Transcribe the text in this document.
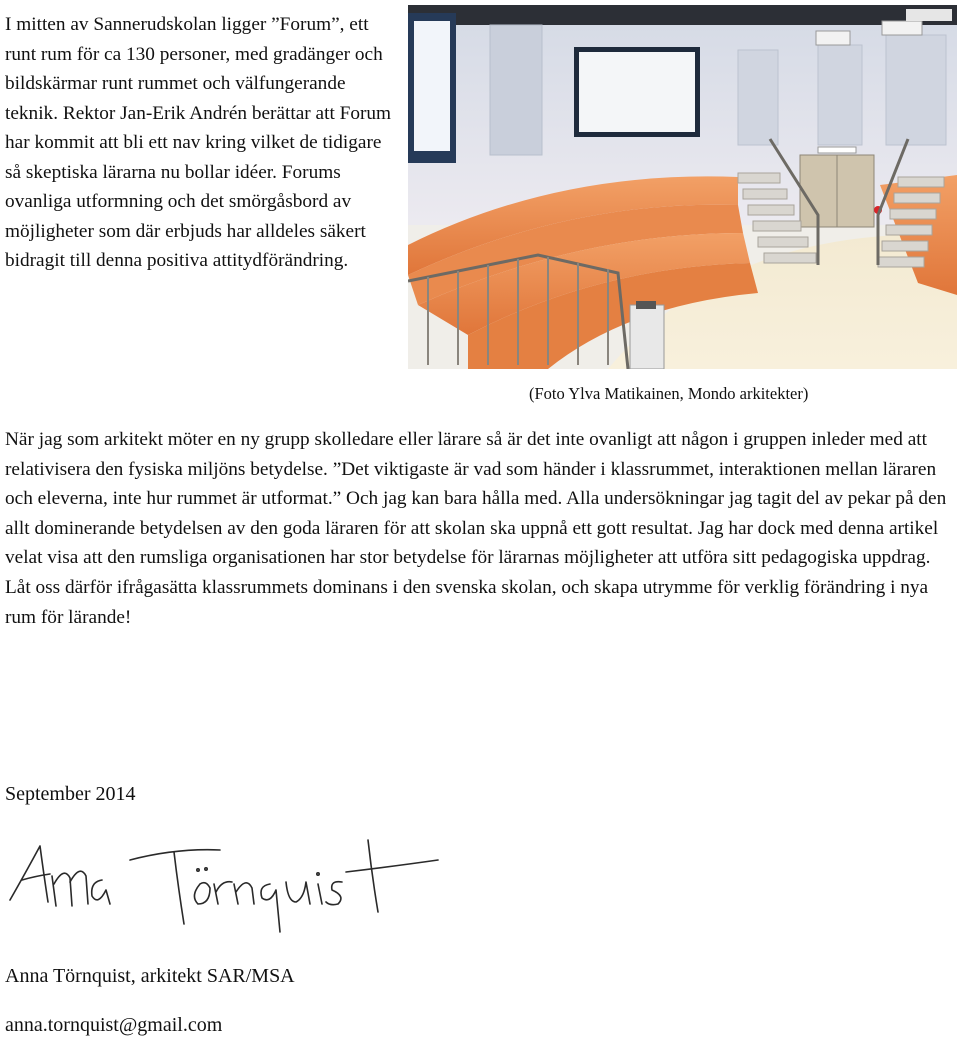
I mitten av Sannerudskolan ligger ”Forum”, ett runt rum för ca 130 personer, med gradänger och bildskärmar runt rummet och välfungerande teknik. Rektor Jan-Erik Andrén berättar att Forum har kommit att bli ett nav kring vilket de tidigare så skeptiska lärarna nu bollar idéer. Forums ovanliga utformning och det smörgåsbord av möjligheter som där erbjuds har alldeles säkert bidragit till denna positiva attitydförändring.

(Foto Ylva Matikainen, Mondo arkitekter)

När jag som arkitekt möter en ny grupp skolledare eller lärare så är det inte ovanligt att någon i gruppen inleder med att relativisera den fysiska miljöns betydelse. ”Det viktigaste är vad som händer i klassrummet, interaktionen mellan läraren och eleverna, inte hur rummet är utformat.” Och jag kan bara hålla med. Alla undersökningar jag tagit del av pekar på den allt dominerande betydelsen av den goda läraren för att skolan ska uppnå ett gott resultat. Jag har dock med denna artikel velat visa att den rumsliga organisationen har stor betydelse för lärarnas möjligheter att utföra sitt pedagogiska uppdrag. Låt oss därför ifrågasätta klassrummets dominans i den svenska skolan, och skapa utrymme för verklig förändring i nya rum för lärande!

September 2014

Anna Törnquist, arkitekt SAR/MSA

anna.tornquist@gmail.com
